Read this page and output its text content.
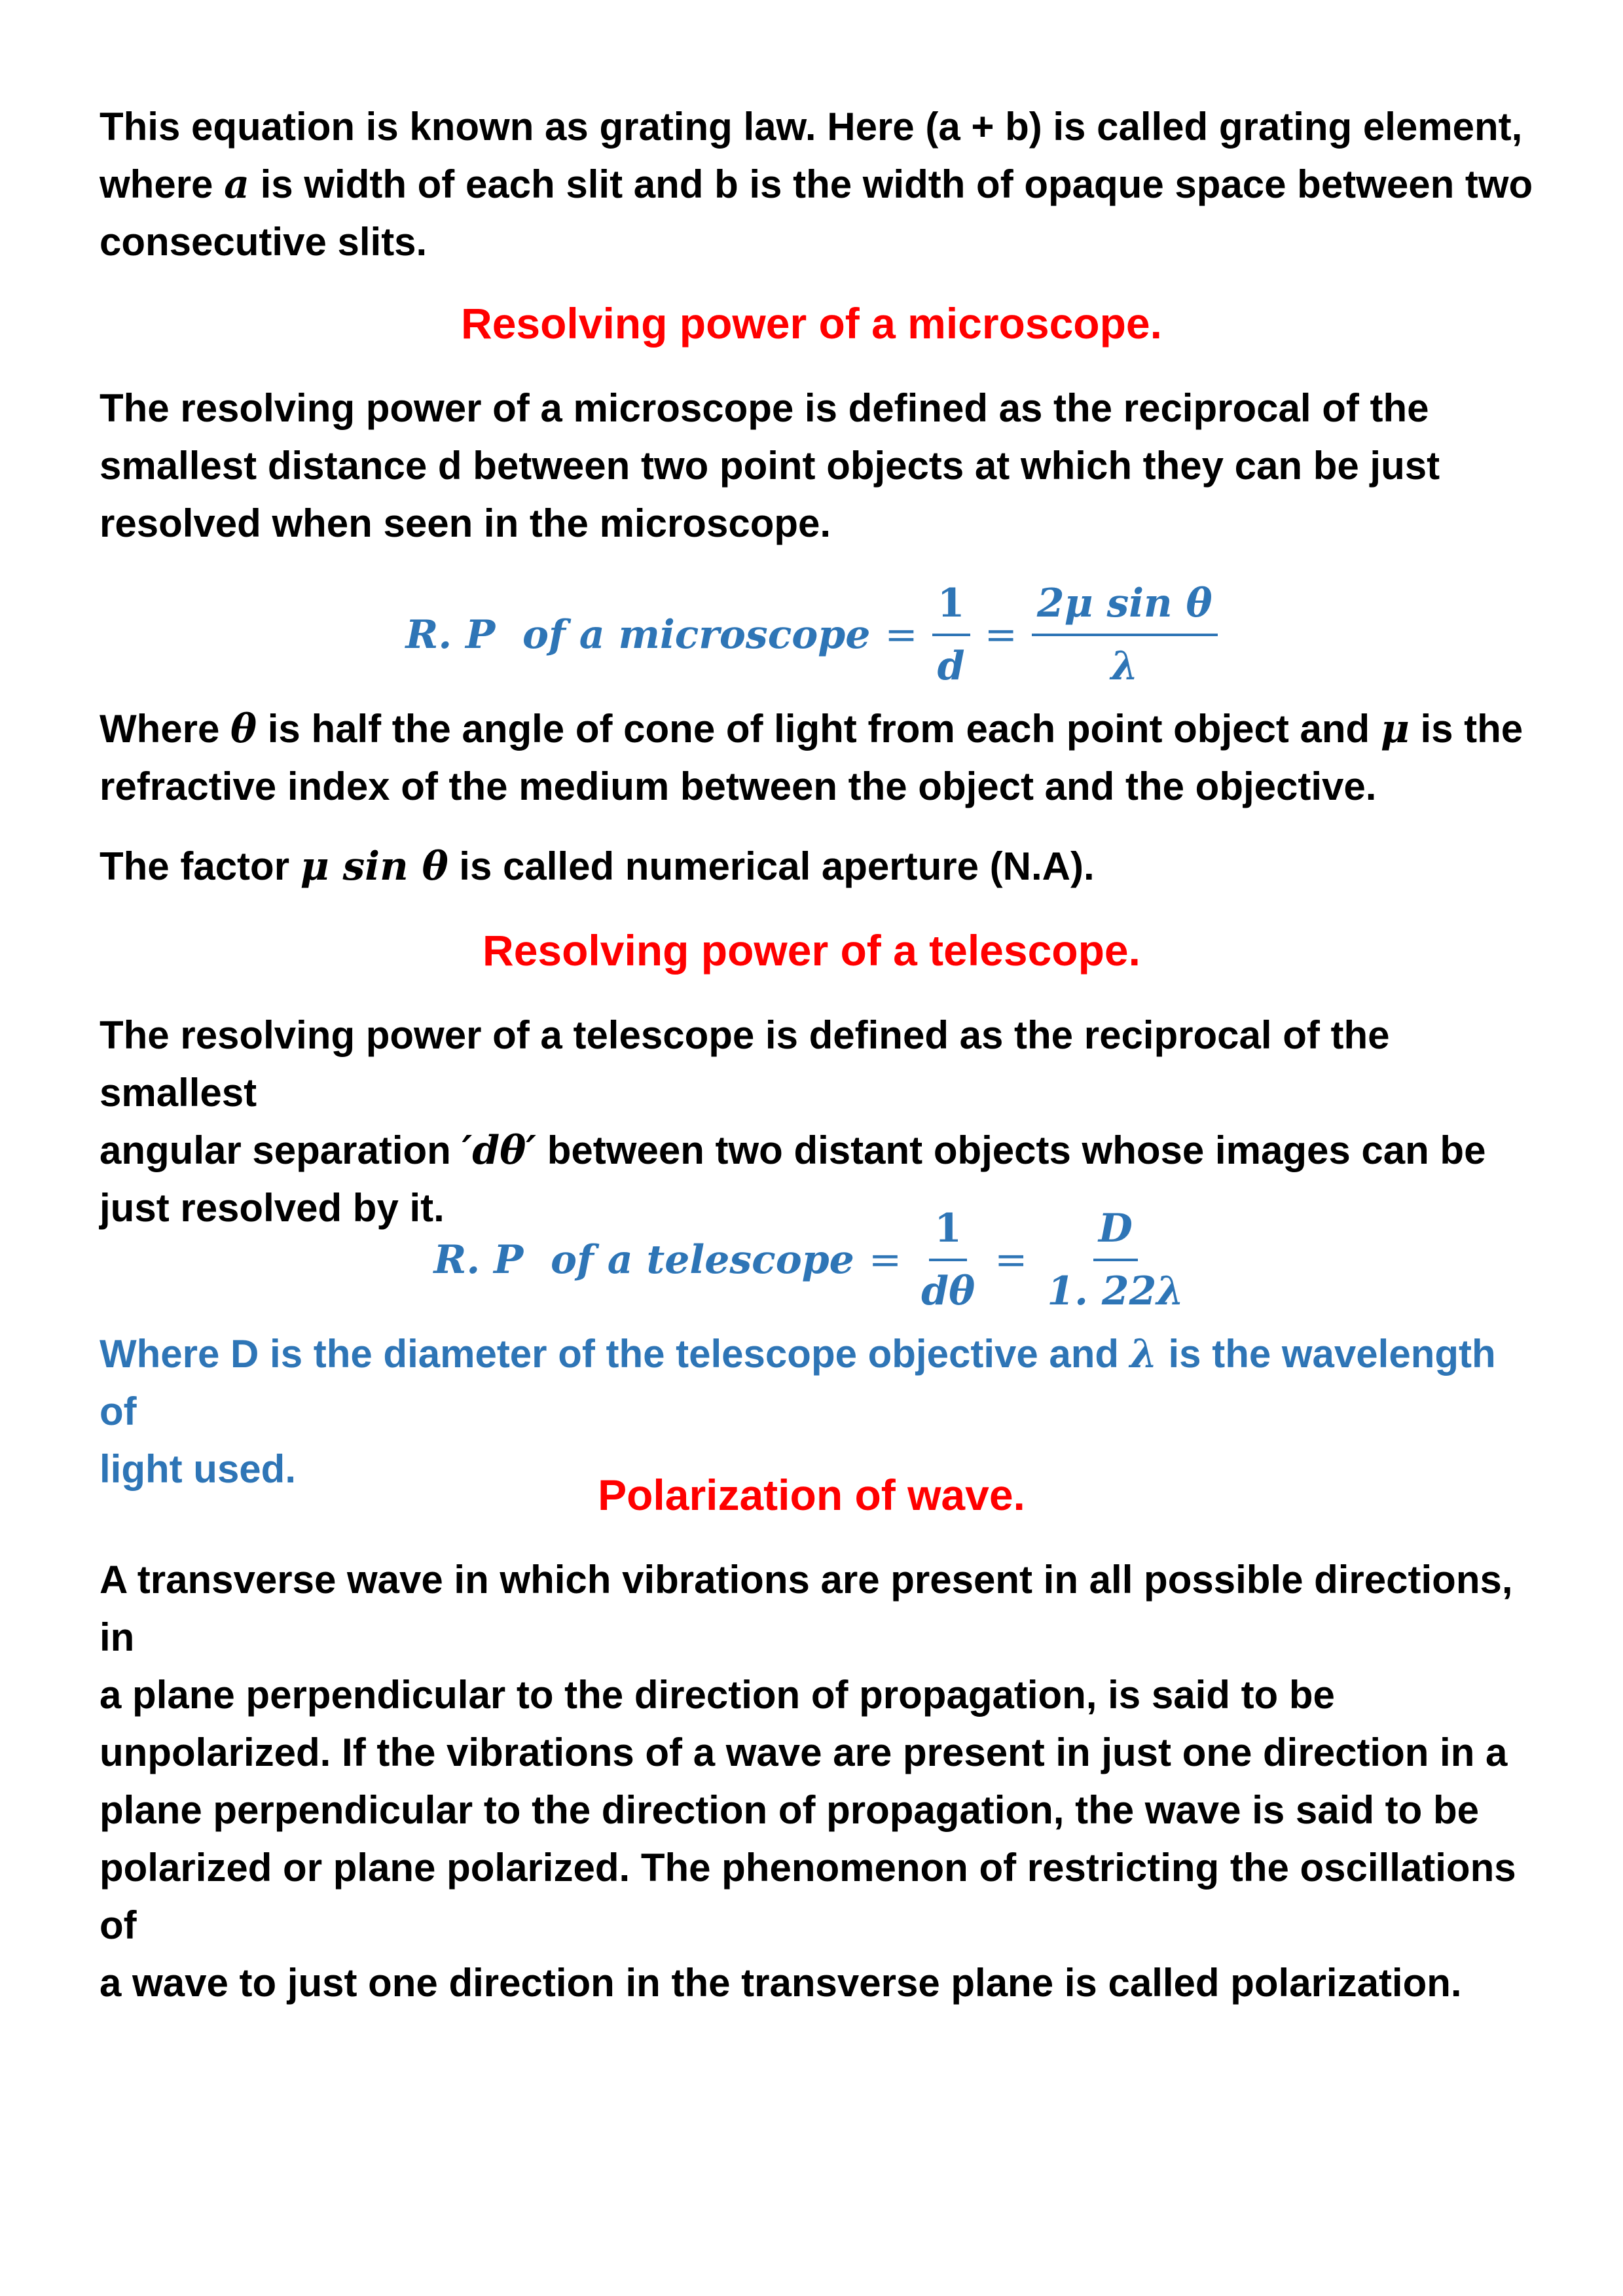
This equation is known as grating law. Here (a + b) is called grating element,
where a is width of each slit and b is the width of opaque space between two
consecutive slits.
Resolving power of a microscope.
The resolving power of a microscope is defined as the reciprocal of the
smallest distance d between two point objects at which they can be just
resolved when seen in the microscope.
R. P  of a microscope = $\frac{1}{d} = \frac{\text{2μ sin θ}}{\lambda}$
Where θ is half the angle of cone of light from each point object and μ is the
refractive index of the medium between the object and the objective.
The factor μ sin θ is called numerical aperture (N.A).
Resolving power of a telescope.
The resolving power of a telescope is defined as the reciprocal of the smallest
angular separation ′dθ′ between two distant objects whose images can be
just resolved by it.
R. P  of a telescope = $\frac{1}{d\theta} = \frac{D}{1. 22\lambda}$
Where D is the diameter of the telescope objective and λ is the wavelength of
light used.
Polarization of wave.
A transverse wave in which vibrations are present in all possible directions, in
a plane perpendicular to the direction of propagation, is said to be
unpolarized. If the vibrations of a wave are present in just one direction in a
plane perpendicular to the direction of propagation, the wave is said to be
polarized or plane polarized. The phenomenon of restricting the oscillations of
a wave to just one direction in the transverse plane is called polarization.
